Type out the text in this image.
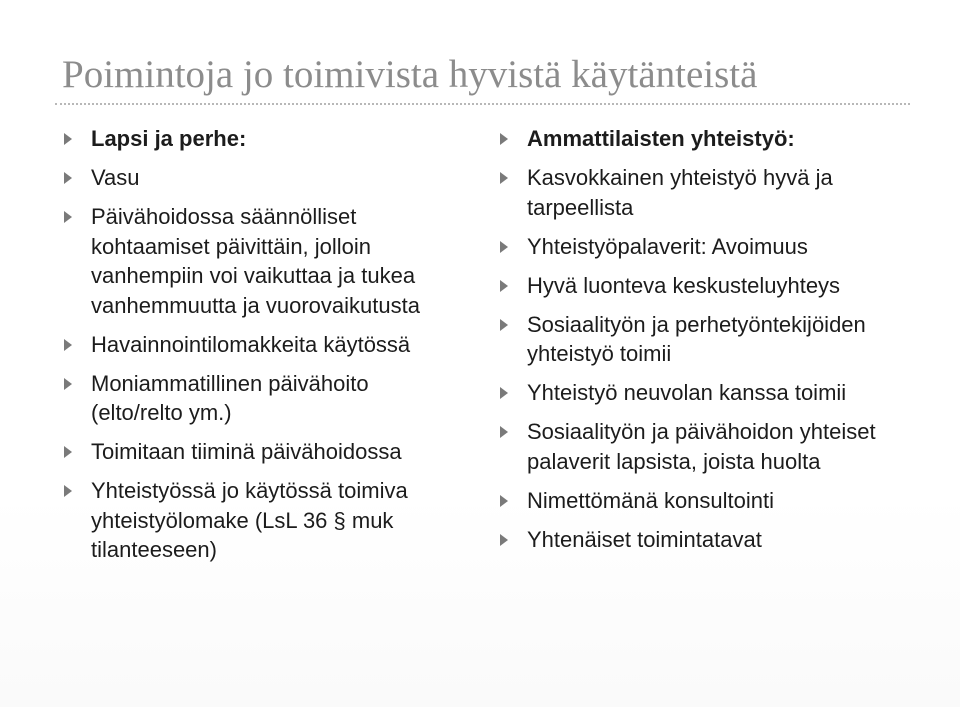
Poimintoja jo toimivista hyvistä käytänteistä
Lapsi ja perhe:
Vasu
Päivähoidossa säännölliset kohtaamiset päivittäin, jolloin vanhempiin voi vaikuttaa ja tukea vanhemmuutta ja vuorovaikutusta
Havainnointilomakkeita käytössä
Moniammatillinen päivähoito (elto/relto ym.)
Toimitaan tiiminä päivähoidossa
Yhteistyössä jo käytössä toimiva yhteistyölomake (LsL 36 § muk tilanteeseen)
Ammattilaisten yhteistyö:
Kasvokkainen yhteistyö hyvä ja tarpeellista
Yhteistyöpalaverit: Avoimuus
Hyvä luonteva keskusteluyhteys
Sosiaalityön ja perhetyöntekijöiden yhteistyö toimii
Yhteistyö neuvolan kanssa toimii
Sosiaalityön ja päivähoidon yhteiset palaverit lapsista, joista huolta
Nimettömänä konsultointi
Yhtenäiset toimintatavat
